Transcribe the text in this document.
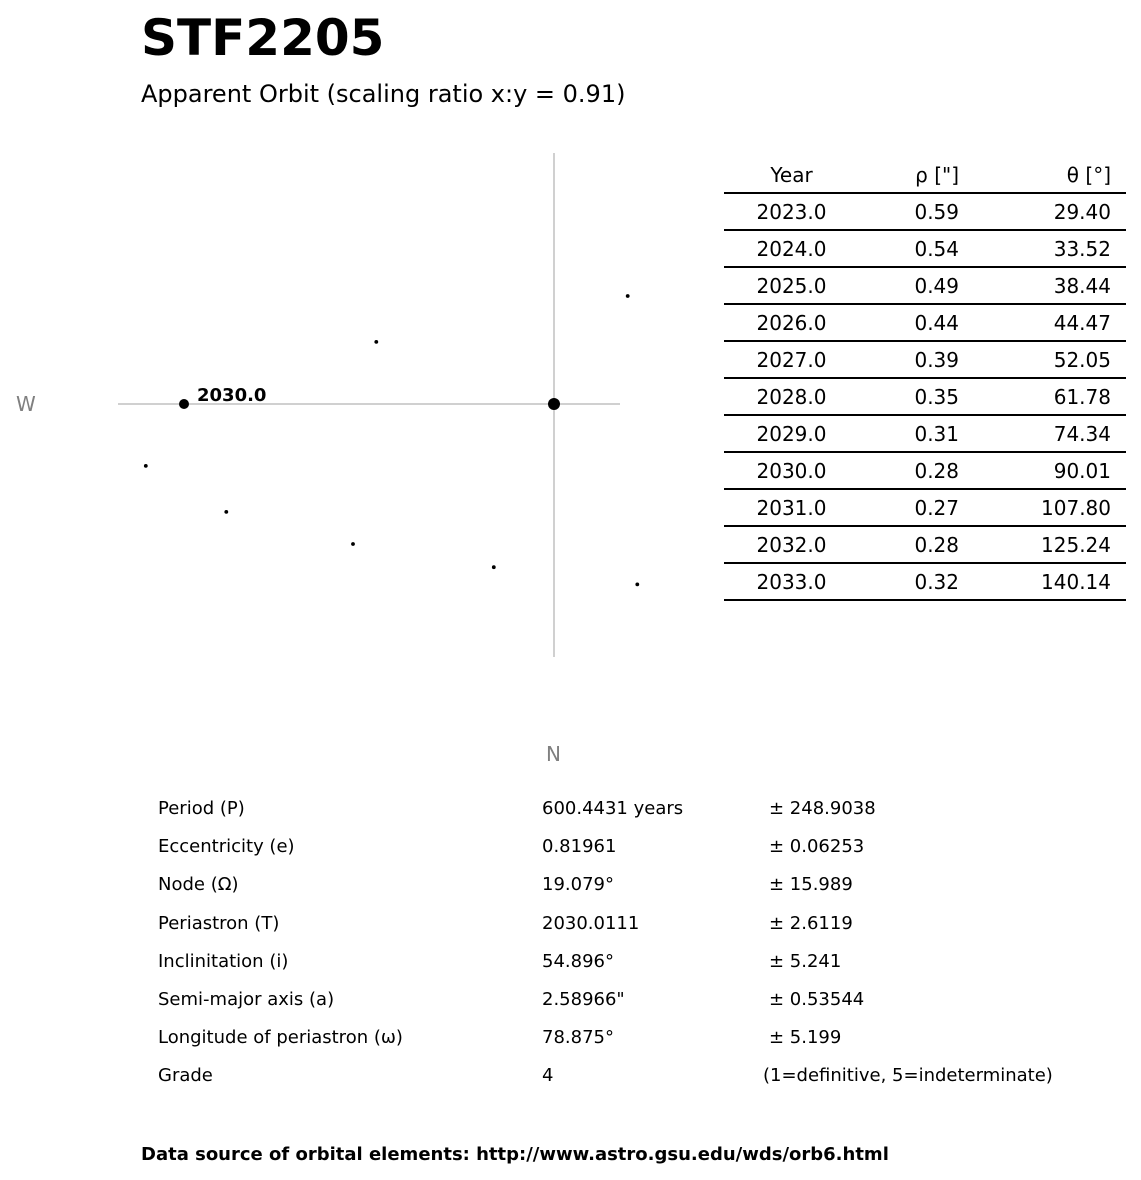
STF2205
Apparent Orbit (scaling ratio x:y = 0.91)
2030.0
W
N
Year	ρ ["]	θ [°]
2023.0	0.59	29.40
2024.0	0.54	33.52
2025.0	0.49	38.44
2026.0	0.44	44.47
2027.0	0.39	52.05
2028.0	0.35	61.78
2029.0	0.31	74.34
2030.0	0.28	90.01
2031.0	0.27	107.80
2032.0	0.28	125.24
2033.0	0.32	140.14
Period (P)	600.4431 years	± 248.9038
Eccentricity (e)	0.81961	± 0.06253
Node (Ω)	19.079°	± 15.989
Periastron (T)	2030.0111	± 2.6119
Inclinitation (i)	54.896°	± 5.241
Semi-major axis (a)	2.58966"	± 0.53544
Longitude of periastron (ω)	78.875°	± 5.199
Grade	4	(1=definitive, 5=indeterminate)
Data source of orbital elements: http://www.astro.gsu.edu/wds/orb6.html
